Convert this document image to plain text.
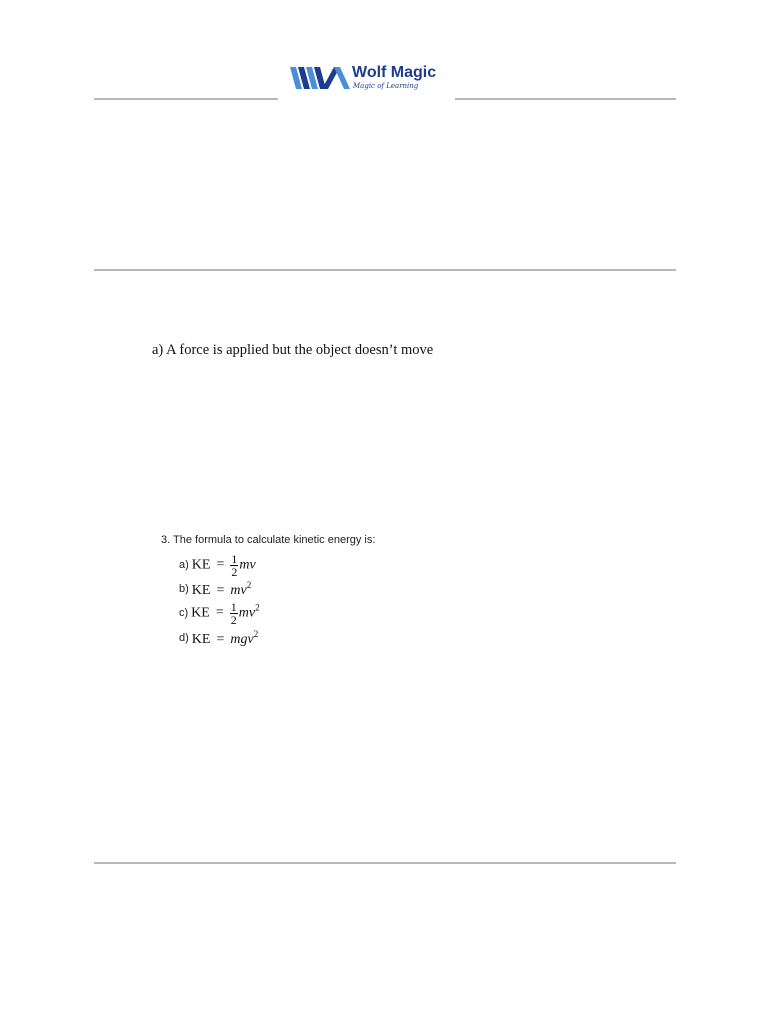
Wolf Magic
Magic of Learning
a) A force is applied but the object doesn’t move
3. The formula to calculate kinetic energy is:
a) KE = $\frac{1}{2}$ mv
b) KE = $mv^2$
c) KE = $\frac{1}{2} mv^2$
d) KE = mgv$^2$
